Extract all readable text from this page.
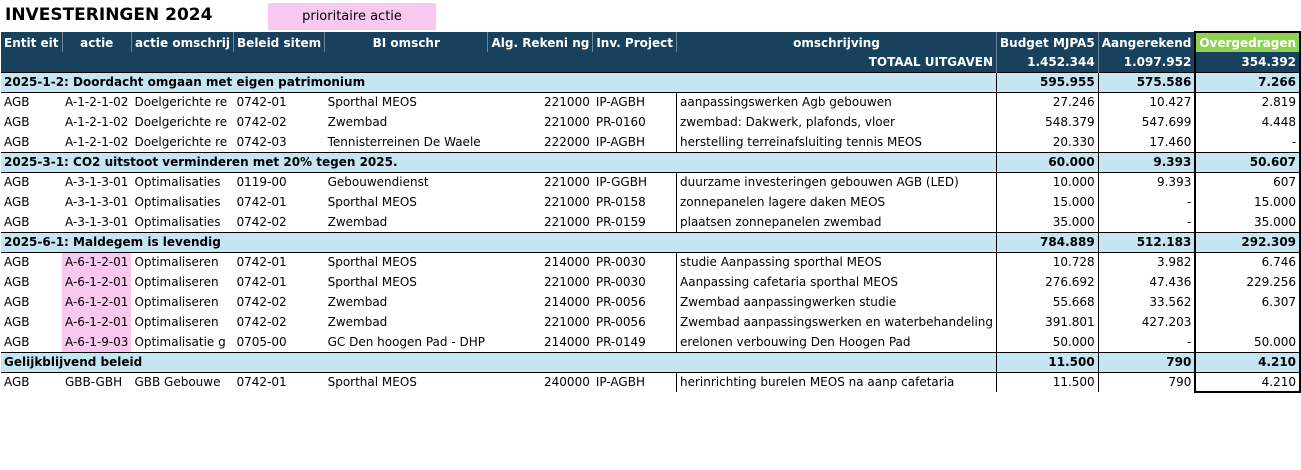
INVESTERINGEN 2024	prioritaire actie
Entit eit	actie	actie omschrij	Beleid sitem	BI omschr	Alg. Rekeni ng	Inv. Project	omschrijving	Budget MJPA5	Aangerekend	Overgedragen
TOTAAL UITGAVEN								1.452.344	1.097.952	354.392
2025-1-2: Doordacht omgaan met eigen patrimonium								595.955	575.586	7.266
AGB	A-1-2-1-02	Doelgerichte re	0742-01	Sporthal MEOS	221000	IP-AGBH	aanpassingswerken Agb gebouwen	27.246	10.427	2.819
AGB	A-1-2-1-02	Doelgerichte re	0742-02	Zwembad	221000	PR-0160	zwembad: Dakwerk, plafonds, vloer	548.379	547.699	4.448
AGB	A-1-2-1-02	Doelgerichte re	0742-03	Tennisterreinen De Waele	222000	IP-AGBH	herstelling terreinafsluiting tennis MEOS	20.330	17.460	-
2025-3-1: CO2 uitstoot verminderen met 20% tegen 2025.								60.000	9.393	50.607
AGB	A-3-1-3-01	Optimalisaties	0119-00	Gebouwendienst	221000	IP-GGBH	duurzame investeringen gebouwen AGB (LED)	10.000	9.393	607
AGB	A-3-1-3-01	Optimalisaties	0742-01	Sporthal MEOS	221000	PR-0158	zonnepanelen lagere daken MEOS	15.000	-	15.000
AGB	A-3-1-3-01	Optimalisaties	0742-02	Zwembad	221000	PR-0159	plaatsen zonnepanelen zwembad	35.000	-	35.000
2025-6-1: Maldegem is levendig								784.889	512.183	292.309
AGB	A-6-1-2-01	Optimaliseren	0742-01	Sporthal MEOS	214000	PR-0030	studie Aanpassing sporthal MEOS	10.728	3.982	6.746
AGB	A-6-1-2-01	Optimaliseren	0742-01	Sporthal MEOS	221000	PR-0030	Aanpassing cafetaria sporthal MEOS	276.692	47.436	229.256
AGB	A-6-1-2-01	Optimaliseren	0742-02	Zwembad	214000	PR-0056	Zwembad aanpassingwerken studie	55.668	33.562	6.307
AGB	A-6-1-2-01	Optimaliseren	0742-02	Zwembad	221000	PR-0056	Zwembad aanpassingswerken en waterbehandeling	391.801	427.203	
AGB	A-6-1-9-03	Optimalisatie g	0705-00	GC Den hoogen Pad - DHP	214000	PR-0149	erelonen verbouwing Den Hoogen Pad	50.000	-	50.000
Gelijkblijvend beleid								11.500	790	4.210
AGB	GBB-GBH	GBB Gebouwe	0742-01	Sporthal MEOS	240000	IP-AGBH	herinrichting burelen MEOS na aanp cafetaria	11.500	790	4.210
